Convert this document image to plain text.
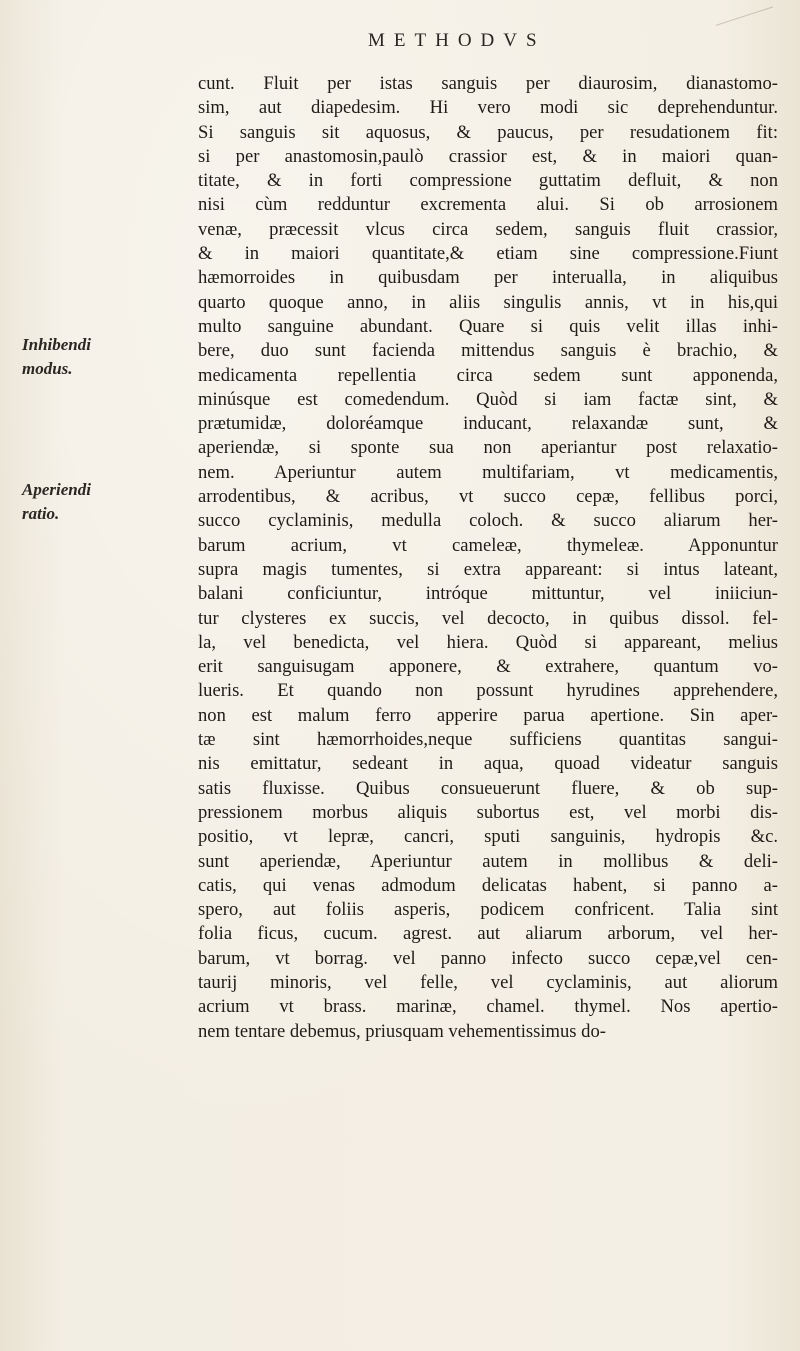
METHODVS
Inhibendi
modus.
Aperiendi
ratio.
cunt. Fluit per istas sanguis per diaurosim, dianastomo-
sim, aut diapedesim. Hi vero modi sic deprehenduntur.
Si sanguis sit aquosus, & paucus, per resudationem fit:
si per anastomosin,paulò crassior est, & in maiori quan-
titate, & in forti compressione guttatim defluit, & non
nisi cùm redduntur excrementa alui. Si ob arrosionem
venæ, præcessit vlcus circa sedem, sanguis fluit crassior,
& in maiori quantitate,& etiam sine compressione.Fiunt
hæmorroides in quibusdam per interualla, in aliquibus
quarto quoque anno, in aliis singulis annis, vt in his,qui
multo sanguine abundant. Quare si quis velit illas inhi-
bere, duo sunt facienda mittendus sanguis è brachio, &
medicamenta repellentia circa sedem sunt apponenda,
minúsque est comedendum. Quòd si iam factæ sint, &
prætumidæ, doloréamque inducant, relaxandæ sunt, &
aperiendæ, si sponte sua non aperiantur post relaxatio-
nem. Aperiuntur autem multifariam, vt medicamentis,
arrodentibus, & acribus, vt succo cepæ, fellibus porci,
succo cyclaminis, medulla coloch. & succo aliarum her-
barum acrium, vt cameleæ, thymeleæ. Apponuntur
supra magis tumentes, si extra appareant: si intus lateant,
balani conficiuntur, intróque mittuntur, vel iniiciun-
tur clysteres ex succis, vel decocto, in quibus dissol. fel-
la, vel benedicta, vel hiera. Quòd si appareant, melius
erit sanguisugam apponere, & extrahere, quantum vo-
lueris. Et quando non possunt hyrudines apprehendere,
non est malum ferro apperire parua apertione. Sin aper-
tæ sint hæmorrhoides,neque sufficiens quantitas sangui-
nis emittatur, sedeant in aqua, quoad videatur sanguis
satis fluxisse. Quibus consueuerunt fluere, & ob sup-
pressionem morbus aliquis subortus est, vel morbi dis-
positio, vt lepræ, cancri, sputi sanguinis, hydropis &c.
sunt aperiendæ, Aperiuntur autem in mollibus & deli-
catis, qui venas admodum delicatas habent, si panno a-
spero, aut foliis asperis, podicem confricent. Talia sint
folia ficus, cucum. agrest. aut aliarum arborum, vel her-
barum, vt borrag. vel panno infecto succo cepæ,vel cen-
taurij minoris, vel felle, vel cyclaminis, aut aliorum
acrium vt brass. marinæ, chamel. thymel. Nos apertio-
nem tentare debemus, priusquam vehementissimus do-
